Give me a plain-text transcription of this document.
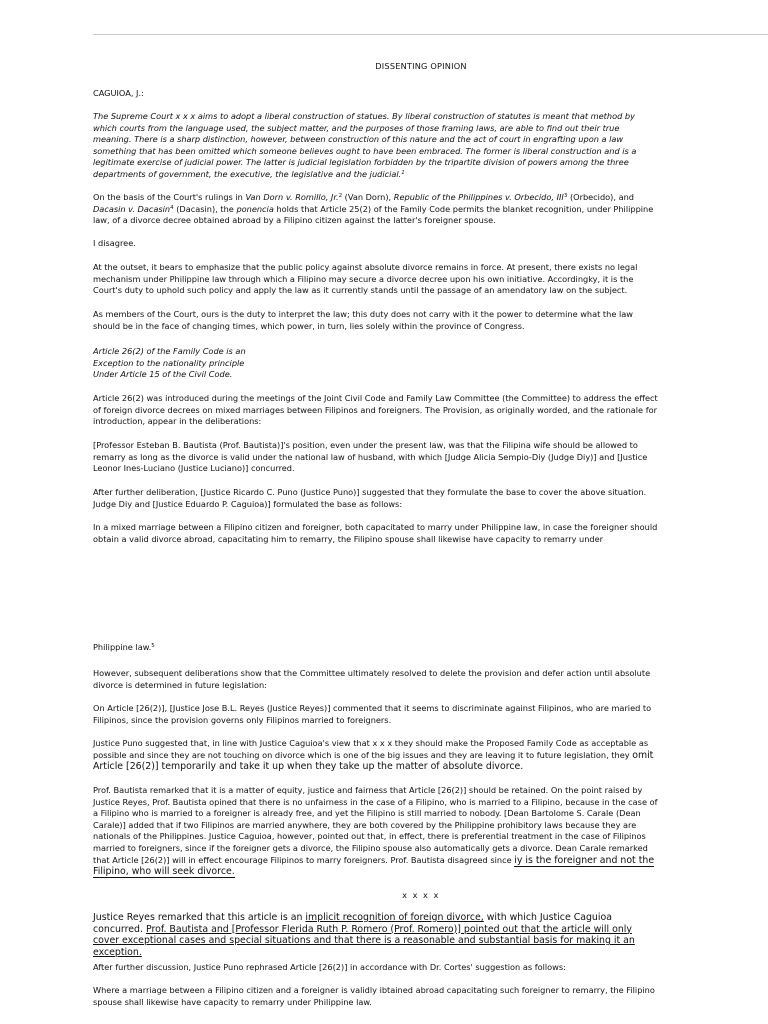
DISSENTING OPINION

CAGUIOA, J.:

The Supreme Court x x x aims to adopt a liberal construction of statues. By liberal construction of statutes is meant that method by which courts from the language used, the subject matter, and the purposes of those framing laws, are able to find out their true meaning. There is a sharp distinction, however, between construction of this nature and the act of court in engrafting upon a law something that has been omitted which someone believes ought to have been embraced. The former is liberal construction and is a legitimate exercise of judicial power. The latter is judicial legislation forbidden by the tripartite division of powers among the three departments of government, the executive, the legislative and the judicial.$^1$

On the basis of the Court's rulings in Van Dorn v. Romillo, Jr.$^2$ (Van Dorn), Republic of the Philippines v. Orbecido, III$^3$ (Orbecido), and Dacasin v. Dacasin$^4$ (Dacasin), the ponencia holds that Article 25(2) of the Family Code permits the blanket recognition, under Philippine law, of a divorce decree obtained abroad by a Filipino citizen against the latter's foreigner spouse.

I disagree.

At the outset, it bears to emphasize that the public policy against absolute divorce remains in force. At present, there exists no legal mechanism under Philippine law through which a Filipino may secure a divorce decree upon his own initiative. Accordingky, it is the Court's duty to uphold such policy and apply the law as it currently stands until the passage of an amendatory law on the subject.

As members of the Court, ours is the duty to interpret the law; this duty does not carry with it the power to determine what the law should be in the face of changing times, which power, in turn, lies solely within the province of Congress.

Article 26(2) of the Family Code is an
Exception to the nationality principle
Under Article 15 of the Civil Code.

Article 26(2) was introduced during the meetings of the Joint Civil Code and Family Law Committee (the Committee) to address the effect of foreign divorce decrees on mixed marriages between Filipinos and foreigners. The Provision, as originally worded, and the rationale for introduction, appear in the deliberations:

[Professor Esteban B. Bautista (Prof. Bautista)]'s position, even under the present law, was that the Filipina wife should be allowed to remarry as long as the divorce is valid under the national law of husband, with which [Judge Alicia Sempio-Diy (Judge Diy)] and [Justice Leonor Ines-Luciano (Justice Luciano)] concurred.

After further deliberation, [Justice Ricardo C. Puno (Justice Puno)] suggested that they formulate the base to cover the above situation. Judge Diy and [Justice Eduardo P. Caguioa)] formulated the base as follows:

In a mixed marriage between a Filipino citizen and foreigner, both capacitated to marry under Philippine law, in case the foreigner should obtain a valid divorce abroad, capacitating him to remarry, the Filipino spouse shall likewise have capacity to remarry under

Philippine law.$^5$

However, subsequent deliberations show that the Committee ultimately resolved to delete the provision and defer action until absolute divorce is determined in future legislation:

On Article [26(2)], [Justice Jose B.L. Reyes (Justice Reyes)] commented that it seems to discriminate against Filipinos, who are maried to Filipinos, since the provision governs only Filipinos married to foreigners.

Justice Puno suggested that, in line with Justice Caguioa's view that x x x they should make the Proposed Family Code as acceptable as possible and since they are not touching on divorce which is one of the big issues and they are leaving it to future legislation, they omit Article [26(2)] temporarily and take it up when they take up the matter of absolute divorce.

Prof. Bautista remarked that it is a matter of equity, justice and fairness that Article [26(2)] should be retained. On the point raised by Justice Reyes, Prof. Bautista opined that there is no unfairness in the case of a Filipino, who is married to a Filipino, because in the case of a Filipino who is married to a foreigner is already free, and yet the Filipino is still married to nobody. [Dean Bartolome S. Carale (Dean Carale)] added that if two Filipinos are married anywhere, they are both covered by the Philippine prohibitory laws because they are nationals of the Philippines. Justice Caguioa, however, pointed out that, in effect, there is preferential treatment in the case of Filipinos married to foreigners, since if the foreigner gets a divorce, the Filipino spouse also automatically gets a divorce. Dean Carale remarked that Article [26(2)] will in effect encourage Filipinos to marry foreigners. Prof. Bautista disagreed since iy is the foreigner and not the Filipino, who will seek divorce.

x x x x

Justice Reyes remarked that this article is an implicit recognition of foreign divorce, with which Justice Caguioa concurred. Prof. Bautista and [Professor Flerida Ruth P. Romero (Prof. Romero)] pointed out that the article will only cover exceptional cases and special situations and that there is a reasonable and substantial basis for making it an exception.

After further discussion, Justice Puno rephrased Article [26(2)] in accordance with Dr. Cortes' suggestion as follows:

Where a marriage between a Filipino citizen and a foreigner is validly ibtained abroad capacitating such foreigner to remarry, the Filipino spouse shall likewise have capacity to remarry under Philippine law.
